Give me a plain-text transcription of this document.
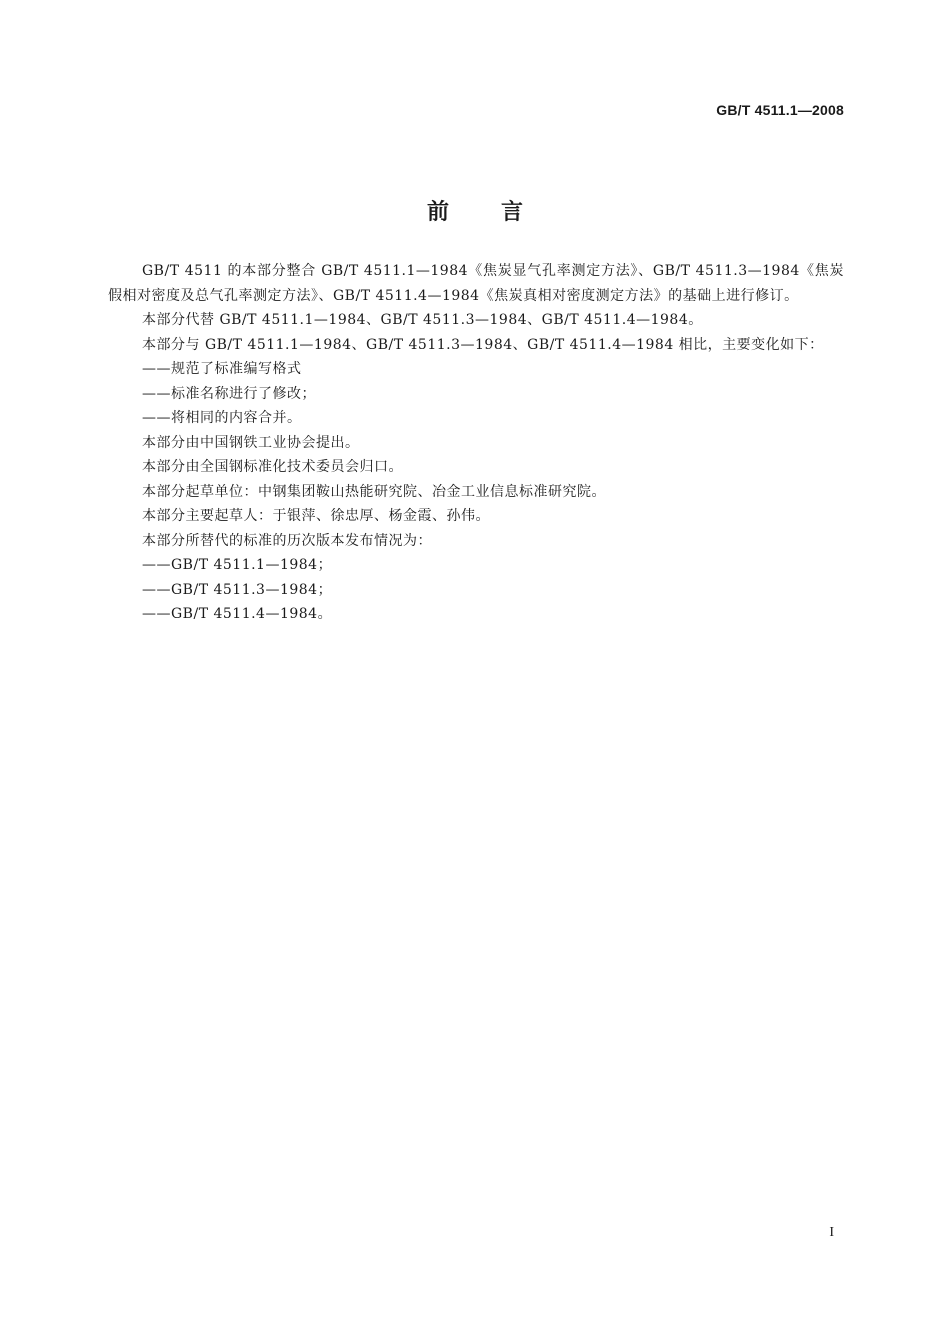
GB/T 4511.1—2008
前言

GB/T 4511 的本部分整合 GB/T 4511.1—1984《焦炭显气孔率测定方法》、GB/T 4511.3—1984《焦炭假相对密度及总气孔率测定方法》、GB/T 4511.4—1984《焦炭真相对密度测定方法》的基础上进行修订。

本部分代替 GB/T 4511.1—1984、GB/T 4511.3—1984、GB/T 4511.4—1984。

本部分与 GB/T 4511.1—1984、GB/T 4511.3—1984、GB/T 4511.4—1984 相比，主要变化如下：

——规范了标准编写格式

——标准名称进行了修改；

——将相同的内容合并。

本部分由中国钢铁工业协会提出。

本部分由全国钢标准化技术委员会归口。

本部分起草单位：中钢集团鞍山热能研究院、冶金工业信息标准研究院。

本部分主要起草人：于银萍、徐忠厚、杨金霞、孙伟。

本部分所替代的标准的历次版本发布情况为：

——GB/T 4511.1—1984；

——GB/T 4511.3—1984；

——GB/T 4511.4—1984。

I
